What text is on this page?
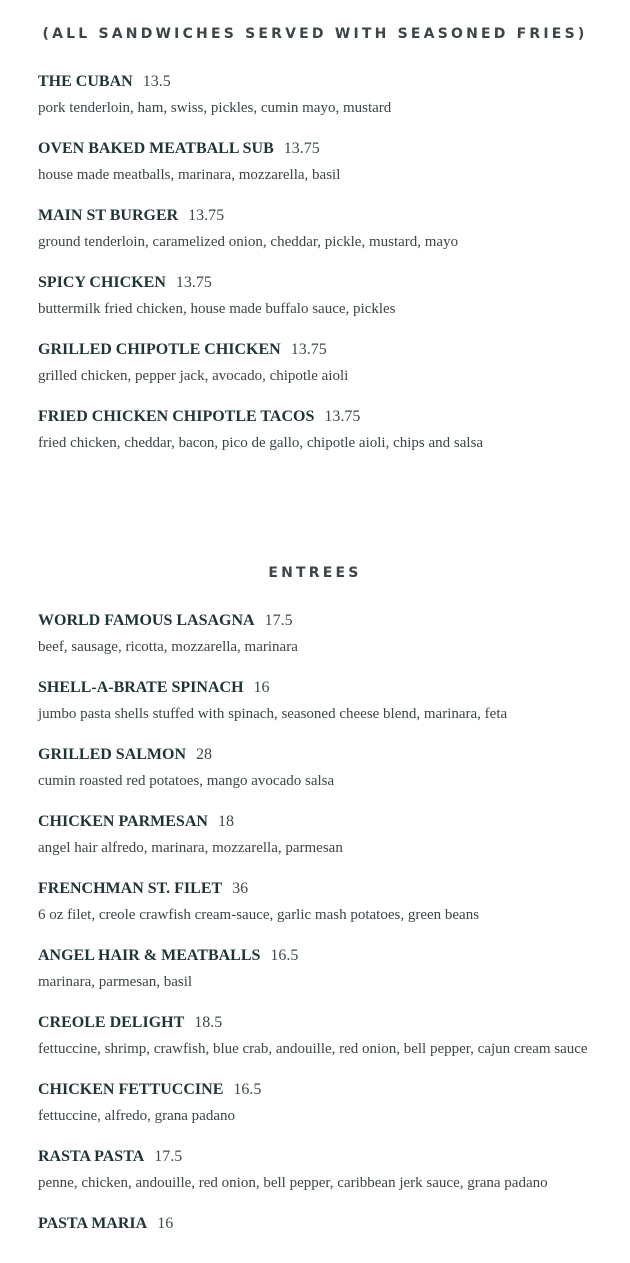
(ALL SANDWICHES SERVED WITH SEASONED FRIES)
THE CUBAN 13.5
pork tenderloin, ham, swiss, pickles, cumin mayo, mustard
OVEN BAKED MEATBALL SUB 13.75
house made meatballs, marinara, mozzarella, basil
MAIN ST BURGER 13.75
ground tenderloin, caramelized onion, cheddar, pickle, mustard, mayo
SPICY CHICKEN 13.75
buttermilk fried chicken, house made buffalo sauce, pickles
GRILLED CHIPOTLE CHICKEN 13.75
grilled chicken, pepper jack, avocado, chipotle aioli
FRIED CHICKEN CHIPOTLE TACOS 13.75
fried chicken, cheddar, bacon, pico de gallo, chipotle aioli, chips and salsa
ENTREES
WORLD FAMOUS LASAGNA 17.5
beef, sausage, ricotta, mozzarella, marinara
SHELL-A-BRATE SPINACH 16
jumbo pasta shells stuffed with spinach, seasoned cheese blend, marinara, feta
GRILLED SALMON 28
cumin roasted red potatoes, mango avocado salsa
CHICKEN PARMESAN 18
angel hair alfredo, marinara, mozzarella, parmesan
FRENCHMAN ST. FILET 36
6 oz filet, creole crawfish cream-sauce, garlic mash potatoes, green beans
ANGEL HAIR & MEATBALLS 16.5
marinara, parmesan, basil
CREOLE DELIGHT 18.5
fettuccine, shrimp, crawfish, blue crab, andouille, red onion, bell pepper, cajun cream sauce
CHICKEN FETTUCCINE 16.5
fettuccine, alfredo, grana padano
RASTA PASTA 17.5
penne, chicken, andouille, red onion, bell pepper, caribbean jerk sauce, grana padano
PASTA MARIA 16
